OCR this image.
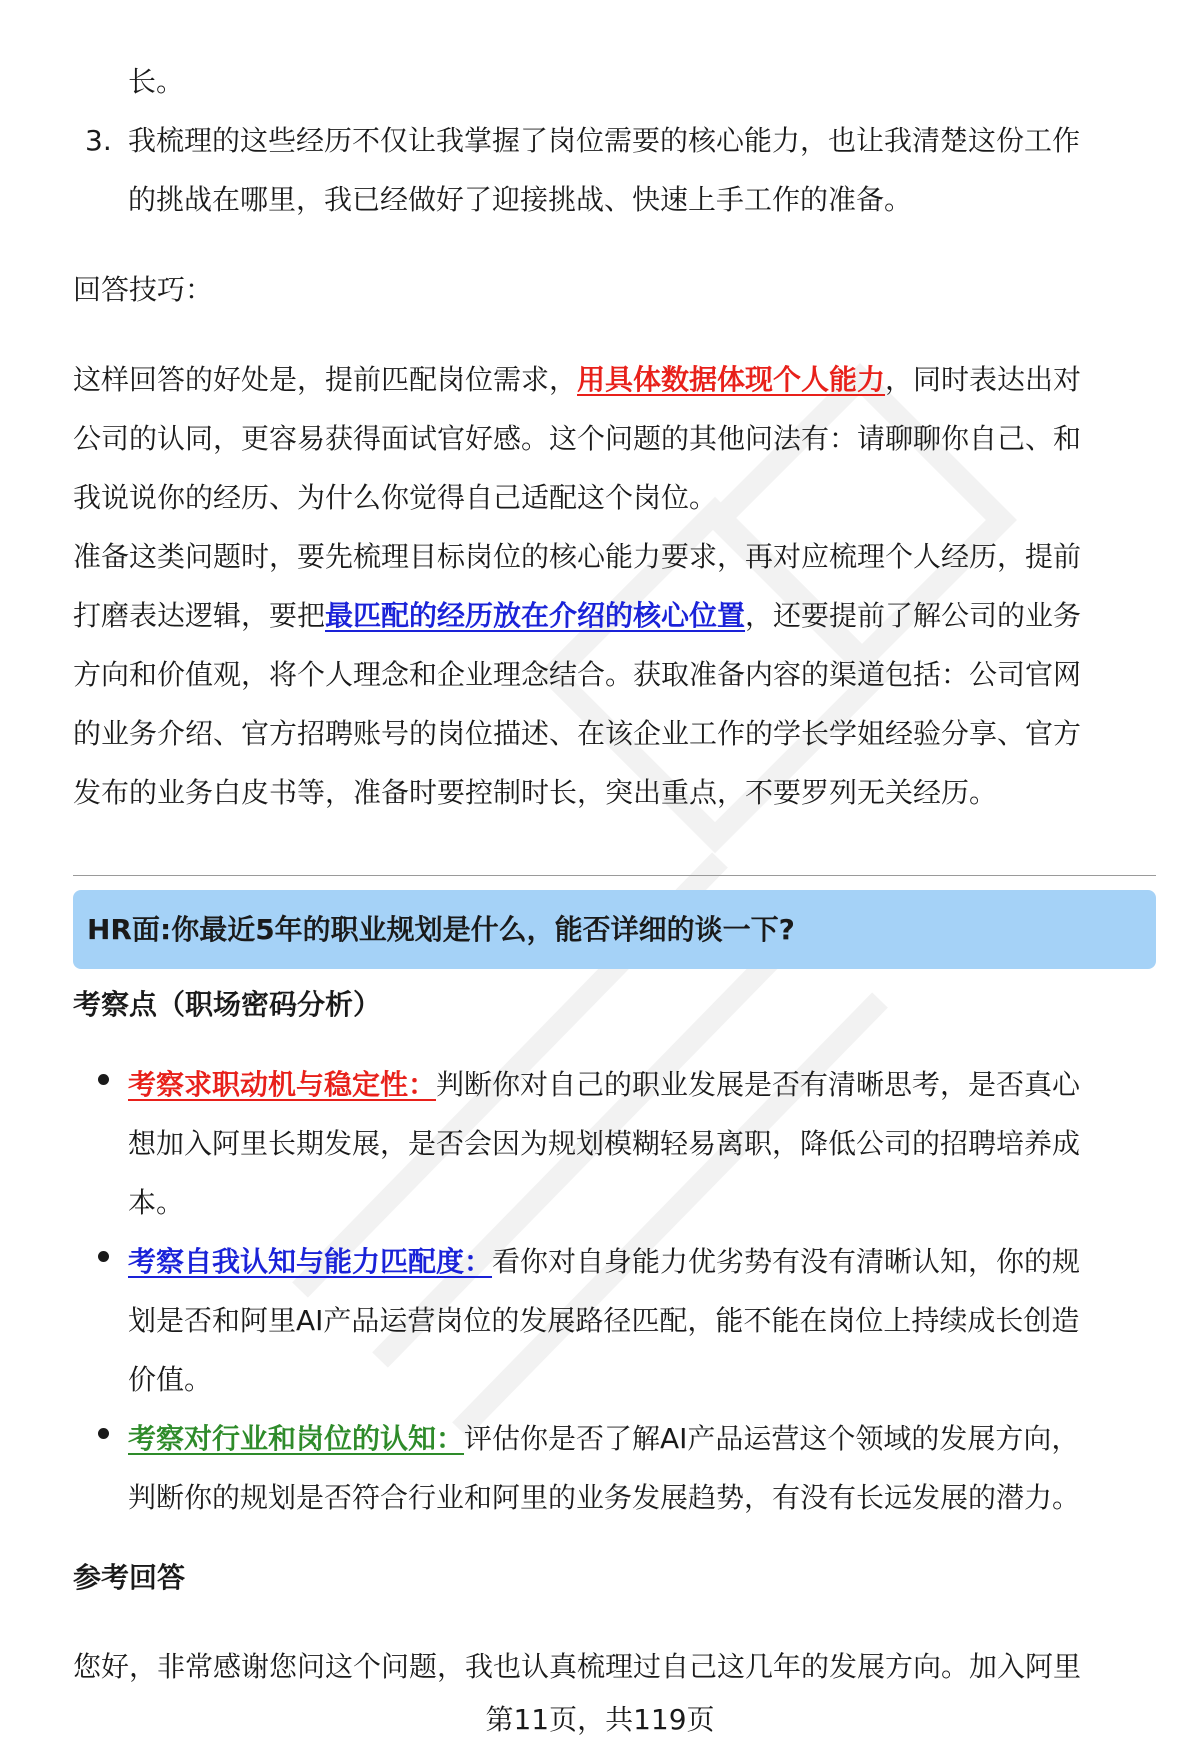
长。

3. 我梳理的这些经历不仅让我掌握了岗位需要的核心能力，也让我清楚这份工作

的挑战在哪里，我已经做好了迎接挑战、快速上手工作的准备。

回答技巧：

这样回答的好处是，提前匹配岗位需求，用具体数据体现个人能力，同时表达出对

公司的认同，更容易获得面试官好感。这个问题的其他问法有：请聊聊你自己、和

我说说你的经历、为什么你觉得自己适配这个岗位。

准备这类问题时，要先梳理目标岗位的核心能力要求，再对应梳理个人经历，提前

打磨表达逻辑，要把最匹配的经历放在介绍的核心位置，还要提前了解公司的业务

方向和价值观，将个人理念和企业理念结合。获取准备内容的渠道包括：公司官网

的业务介绍、官方招聘账号的岗位描述、在该企业工作的学长学姐经验分享、官方

发布的业务白皮书等，准备时要控制时长，突出重点，不要罗列无关经历。

HR面:你最近5年的职业规划是什么，能否详细的谈一下?

考察点（职场密码分析）

考察求职动机与稳定性：判断你对自己的职业发展是否有清晰思考，是否真心

想加入阿里长期发展，是否会因为规划模糊轻易离职，降低公司的招聘培养成

本。

考察自我认知与能力匹配度：看你对自身能力优劣势有没有清晰认知，你的规

划是否和阿里AI产品运营岗位的发展路径匹配，能不能在岗位上持续成长创造

价值。

考察对行业和岗位的认知：评估你是否了解AI产品运营这个领域的发展方向，

判断你的规划是否符合行业和阿里的业务发展趋势，有没有长远发展的潜力。

参考回答

您好，非常感谢您问这个问题，我也认真梳理过自己这几年的发展方向。加入阿里

第11页，共119页
